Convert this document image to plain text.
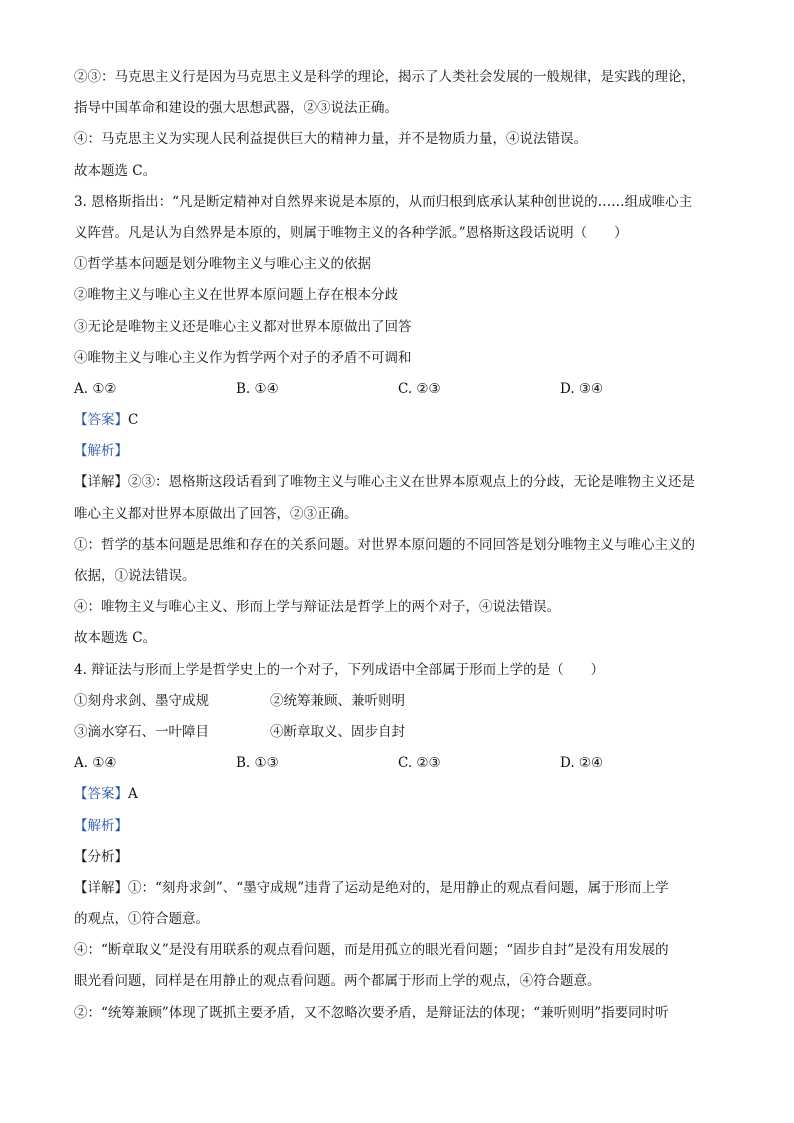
②③：马克思主义行是因为马克思主义是科学的理论，揭示了人类社会发展的一般规律，是实践的理论，
指导中国革命和建设的强大思想武器，②③说法正确。
④：马克思主义为实现人民利益提供巨大的精神力量，并不是物质力量，④说法错误。
故本题选 C。
3. 恩格斯指出：“凡是断定精神对自然界来说是本原的，从而归根到底承认某种创世说的……组成唯心主
义阵营。凡是认为自然界是本原的，则属于唯物主义的各种学派。”恩格斯这段话说明（　　）
①哲学基本问题是划分唯物主义与唯心主义的依据
②唯物主义与唯心主义在世界本原问题上存在根本分歧
③无论是唯物主义还是唯心主义都对世界本原做出了回答
④唯物主义与唯心主义作为哲学两个对子的矛盾不可调和
A. ①②	B. ①④	C. ②③	D. ③④
【答案】C
【解析】
【详解】②③：恩格斯这段话看到了唯物主义与唯心主义在世界本原观点上的分歧，无论是唯物主义还是
唯心主义都对世界本原做出了回答，②③正确。
①：哲学的基本问题是思维和存在的关系问题。对世界本原问题的不同回答是划分唯物主义与唯心主义的
依据，①说法错误。
④：唯物主义与唯心主义、形而上学与辩证法是哲学上的两个对子，④说法错误。
故本题选 C。
4. 辩证法与形而上学是哲学史上的一个对子，下列成语中全部属于形而上学的是（　　）
①刻舟求剑、墨守成规	②统筹兼顾、兼听则明
③滴水穿石、一叶障目	④断章取义、固步自封
A. ①④	B. ①③	C. ②③	D. ②④
【答案】A
【解析】
【分析】
【详解】①：“刻舟求剑”、“墨守成规”违背了运动是绝对的，是用静止的观点看问题，属于形而上学
的观点，①符合题意。
④：“断章取义”是没有用联系的观点看问题，而是用孤立的眼光看问题；“固步自封”是没有用发展的
眼光看问题，同样是在用静止的观点看问题。两个都属于形而上学的观点，④符合题意。
②：“统筹兼顾”体现了既抓主要矛盾，又不忽略次要矛盾，是辩证法的体现；“兼听则明”指要同时听
